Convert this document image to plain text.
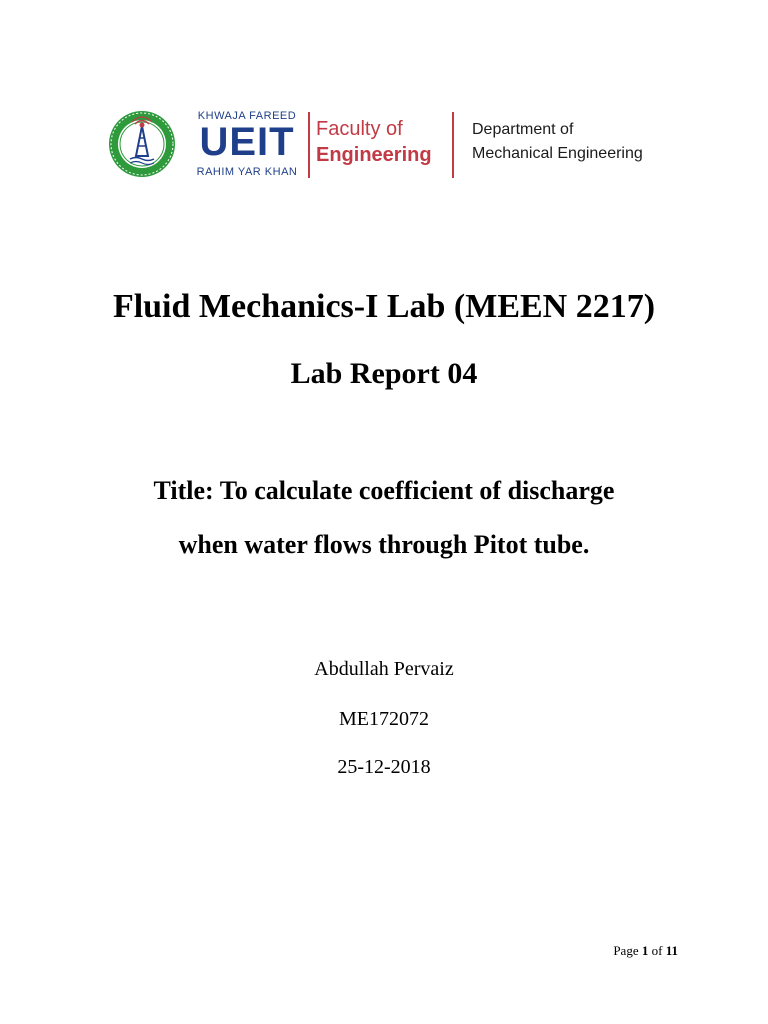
KHWAJA FAREED
UEIT
RAHIM YAR KHAN
Faculty of
Engineering
Department of
Mechanical Engineering
Fluid Mechanics-I Lab (MEEN 2217)
Lab Report 04
Title: To calculate coefficient of discharge
when water flows through Pitot tube.
Abdullah Pervaiz
ME172072
25-12-2018
Page 1 of 11
